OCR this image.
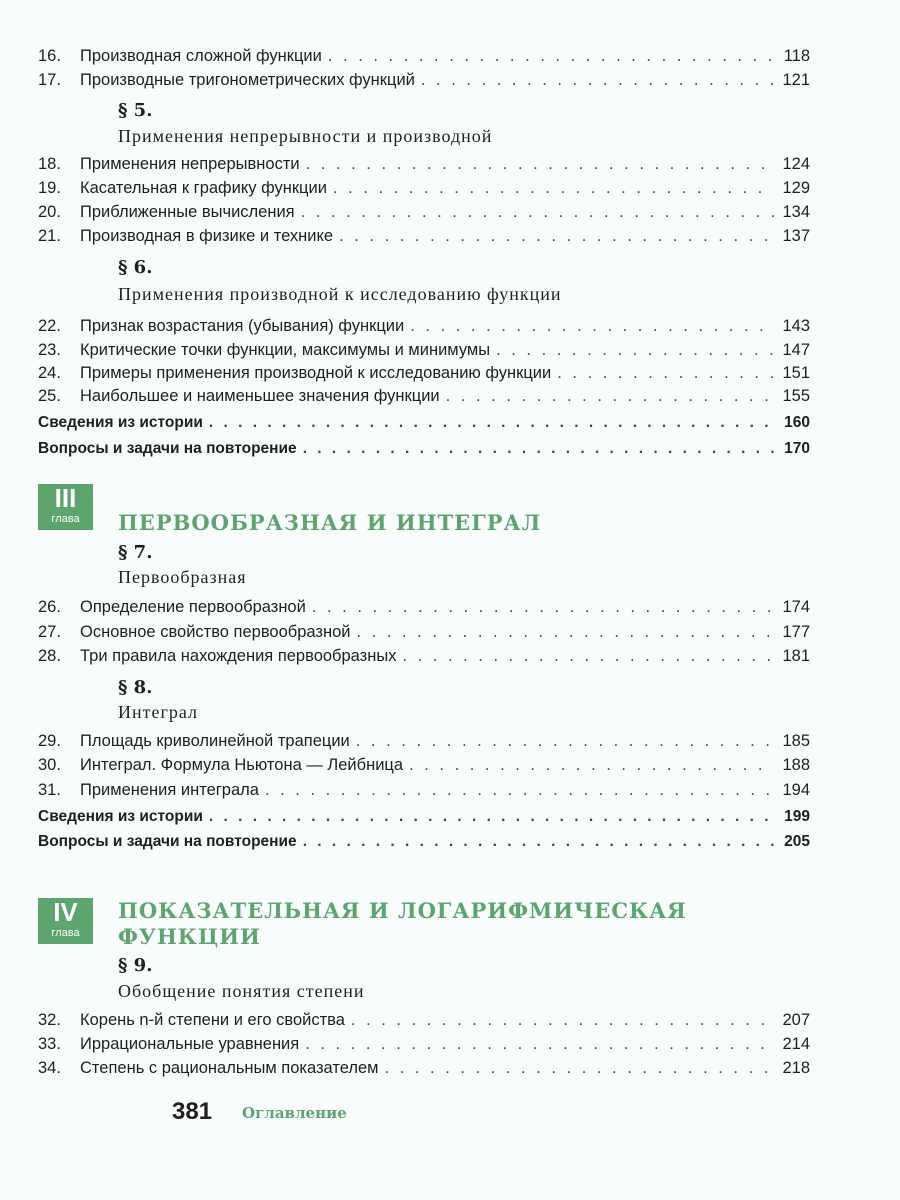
III
глава	ПЕРВООБРАЗНАЯ И ИНТЕГРАЛ
IV
глава
ПОКАЗАТЕЛЬНАЯ И ЛОГАРИФМИЧЕСКАЯ
ФУНКЦИИ
381 Оглавление
16.	Производная сложной функции . . .	118
17.	Производные тригонометрических функций . . .	121
§ 5.
Применения непрерывности и производной
18.	Применения непрерывности . . .	124
19.	Касательная к графику функции . . .	129
20.	Приближенные вычисления . . .	134
21.	Производная в физике и технике . . .	137
§ 6.
Применения производной к исследованию функции
22.	Признак возрастания (убывания) функции . . .	143
23.	Критические точки функции, максимумы и минимумы . . .	147
24.	Примеры применения производной к исследованию функции . . .	151
25.	Наибольшее и наименьшее значения функции . . .	155
§ 7.
Первообразная
26.	Определение первообразной . . .	174
27.	Основное свойство первообразной . . .	177
28.	Три правила нахождения первообразных . . .	181
§ 8.
Интеграл
29.	Площадь криволинейной трапеции . . .	185
30.	Интеграл. Формула Ньютона — Лейбница . . .	188
31.	Применения интеграла . . .	194
§ 9.
Обобщение понятия степени
32.	Корень n-й степени и его свойства . . .	207
33.	Иррациональные уравнения . . .	214
34.	Степень с рациональным показателем . . .	218
Сведения из истории . . .	160
Вопросы и задачи на повторение . . .	170
Сведения из истории . . .	199
Вопросы и задачи на повторение . . .	205
